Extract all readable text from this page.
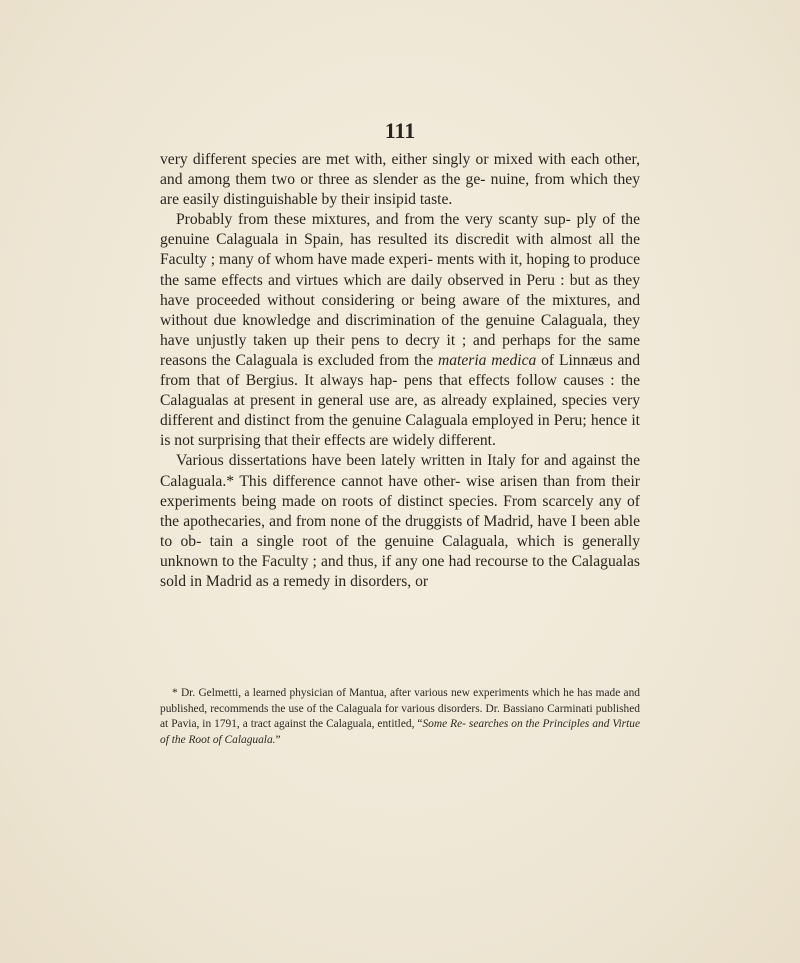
111

very different species are met with, either singly or mixed with each other, and among them two or three as slender as the ge- nuine, from which they are easily distinguishable by their insipid taste.

Probably from these mixtures, and from the very scanty sup- ply of the genuine Calaguala in Spain, has resulted its discredit with almost all the Faculty ; many of whom have made experi- ments with it, hoping to produce the same effects and virtues which are daily observed in Peru : but as they have proceeded without considering or being aware of the mixtures, and without due knowledge and discrimination of the genuine Calaguala, they have unjustly taken up their pens to decry it ; and perhaps for the same reasons the Calaguala is excluded from the materia medica of Linnæus and from that of Bergius. It always hap- pens that effects follow causes : the Calagualas at present in general use are, as already explained, species very different and distinct from the genuine Calaguala employed in Peru; hence it is not surprising that their effects are widely different.

Various dissertations have been lately written in Italy for and against the Calaguala.* This difference cannot have other- wise arisen than from their experiments being made on roots of distinct species. From scarcely any of the apothecaries, and from none of the druggists of Madrid, have I been able to ob- tain a single root of the genuine Calaguala, which is generally unknown to the Faculty ; and thus, if any one had recourse to the Calagualas sold in Madrid as a remedy in disorders, or

* Dr. Gelmetti, a learned physician of Mantua, after various new experiments which he has made and published, recommends the use of the Calaguala for various disorders. Dr. Bassiano Carminati published at Pavia, in 1791, a tract against the Calaguala, entitled, “Some Re- searches on the Principles and Virtue of the Root of Calaguala.”
